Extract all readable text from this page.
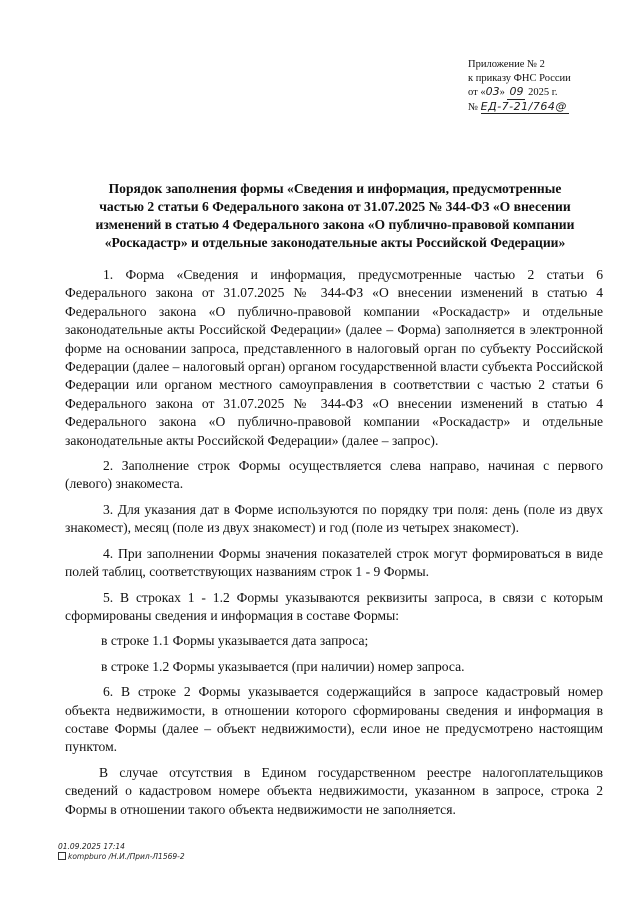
Приложение № 2
к приказу ФНС России
от «03» 09 2025 г.
№ ЕД-7-21/764@
Порядок заполнения формы «Сведения и информация, предусмотренные
частью 2 статьи 6 Федерального закона от 31.07.2025 № 344-ФЗ «О внесении
изменений в статью 4 Федерального закона «О публично-правовой компании
«Роскадастр» и отдельные законодательные акты Российской Федерации»

1. Форма «Сведения и информация, предусмотренные частью 2 статьи 6 Федерального закона от 31.07.2025 № 344-ФЗ «О внесении изменений в статью 4 Федерального закона «О публично-правовой компании «Роскадастр» и отдельные законодательные акты Российской Федерации» (далее – Форма) заполняется в электронной форме на основании запроса, представленного в налоговый орган по субъекту Российской Федерации (далее – налоговый орган) органом государственной власти субъекта Российской Федерации или органом местного самоуправления в соответствии с частью 2 статьи 6 Федерального закона от 31.07.2025 № 344-ФЗ «О внесении изменений в статью 4 Федерального закона «О публично-правовой компании «Роскадастр» и отдельные законодательные акты Российской Федерации» (далее – запрос).

2. Заполнение строк Формы осуществляется слева направо, начиная с первого (левого) знакоместа.

3. Для указания дат в Форме используются по порядку три поля: день (поле из двух знакомест), месяц (поле из двух знакомест) и год (поле из четырех знакомест).

4. При заполнении Формы значения показателей строк могут формироваться в виде полей таблиц, соответствующих названиям строк 1 - 9 Формы.

5. В строках 1 - 1.2 Формы указываются реквизиты запроса, в связи с которым сформированы сведения и информация в составе Формы:

в строке 1.1 Формы указывается дата запроса;

в строке 1.2 Формы указывается (при наличии) номер запроса.

6. В строке 2 Формы указывается содержащийся в запросе кадастровый номер объекта недвижимости, в отношении которого сформированы сведения и информация в составе Формы (далее – объект недвижимости), если иное не предусмотрено настоящим пунктом.

В случае отсутствия в Едином государственном реестре налогоплательщиков сведений о кадастровом номере объекта недвижимости, указанном в запросе, строка 2 Формы в отношении такого объекта недвижимости не заполняется.

01.09.2025 17:14
kompburo /Н.И./Прил-Л1569-2
